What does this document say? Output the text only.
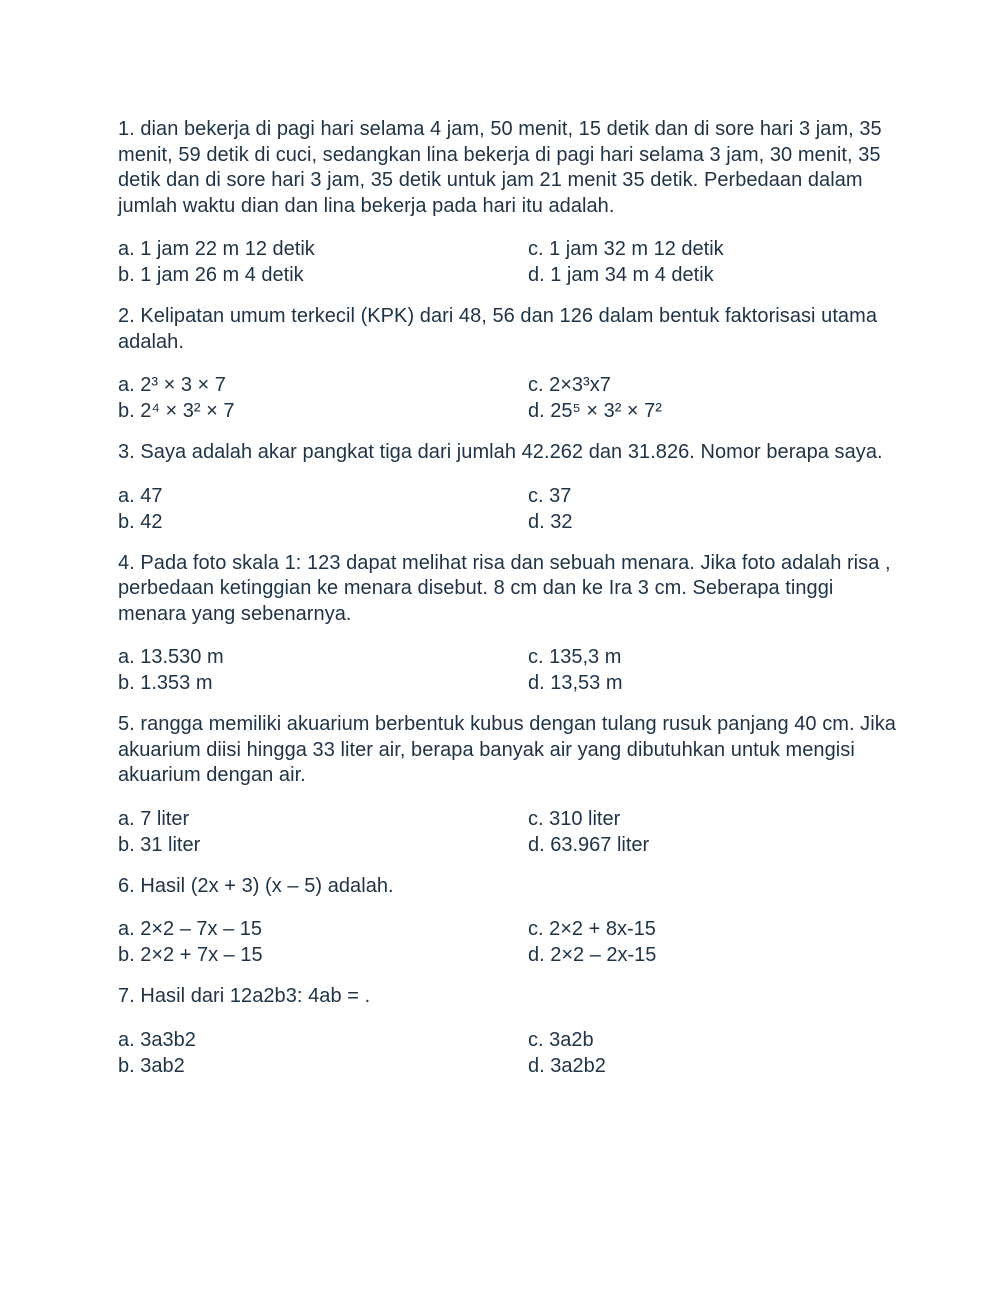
1. dian bekerja di pagi hari selama 4 jam, 50 menit, 15 detik dan di sore hari 3 jam, 35 menit, 59 detik di cuci, sedangkan lina bekerja di pagi hari selama 3 jam, 30 menit, 35 detik dan di sore hari 3 jam, 35 detik untuk jam 21 menit 35 detik. Perbedaan dalam jumlah waktu dian dan lina bekerja pada hari itu adalah.

a. 1 jam 22 m 12 detik	c. 1 jam 32 m 12 detik
b. 1 jam 26 m 4 detik	d. 1 jam 34 m 4 detik

2. Kelipatan umum terkecil (KPK) dari 48, 56 dan 126 dalam bentuk faktorisasi utama adalah.

a. 2³ × 3 × 7	c. 2×3³x7
b. 2⁴ × 3² × 7	d. 25⁵ × 3² × 7²

3. Saya adalah akar pangkat tiga dari jumlah 42.262 dan 31.826. Nomor berapa saya.

a. 47	c. 37
b. 42	d. 32

4. Pada foto skala 1: 123 dapat melihat risa dan sebuah menara. Jika foto adalah risa , perbedaan ketinggian ke menara disebut. 8 cm dan ke Ira 3 cm. Seberapa tinggi menara yang sebenarnya.

a. 13.530 m	c. 135,3 m
b. 1.353 m	d. 13,53 m

5. rangga memiliki akuarium berbentuk kubus dengan tulang rusuk panjang 40 cm. Jika akuarium diisi hingga 33 liter air, berapa banyak air yang dibutuhkan untuk mengisi akuarium dengan air.

a. 7 liter	c. 310 liter
b. 31 liter	d. 63.967 liter

6. Hasil (2x + 3) (x – 5) adalah.

a. 2×2 – 7x – 15	c. 2×2 + 8x-15
b. 2×2 + 7x – 15	d. 2×2 – 2x-15

7. Hasil dari 12a2b3: 4ab = .

a. 3a3b2	c. 3a2b
b. 3ab2	d. 3a2b2
